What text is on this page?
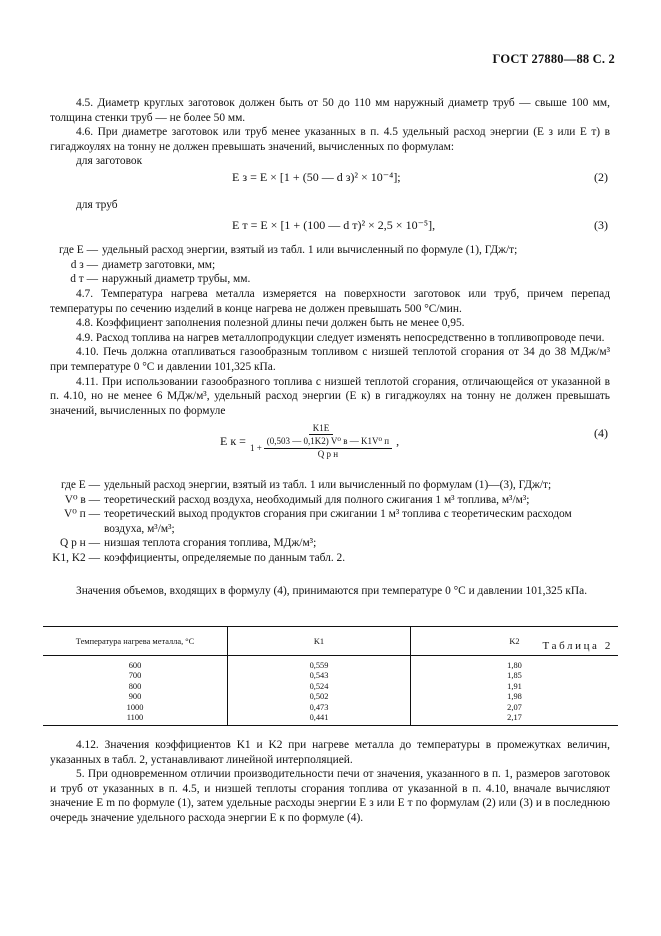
ГОСТ 27880—88 С. 2

4.5. Диаметр круглых заготовок должен быть от 50 до 110 мм наружный диаметр труб — свыше 100 мм, толщина стенки труб — не более 50 мм.

4.6. При диаметре заготовок или труб менее указанных в п. 4.5 удельный расход энергии (E з или E т) в гигаджоулях на тонну не должен превышать значений, вычисленных по формулам:

для заготовок

E з = E × [1 + (50 — d з)² × 10⁻⁴];	(2)

для труб

E т = E × [1 + (100 — d т)² × 2,5 × 10⁻⁵],	(3)
где E — удельный расход энергии, взятый из табл. 1 или вычисленный по формуле (1), ГДж/т;
d з — диаметр заготовки, мм;
d т — наружный диаметр трубы, мм.

4.7. Температура нагрева металла измеряется на поверхности заготовок или труб, причем перепад температуры по сечению изделий в конце нагрева не должен превышать 500 °С/мин.

4.8. Коэффициент заполнения полезной длины печи должен быть не менее 0,95.

4.9. Расход топлива на нагрев металлопродукции следует изменять непосредственно в топливопроводе печи.

4.10. Печь должна отапливаться газообразным топливом с низшей теплотой сгорания от 34 до 38 МДж/м³ при температуре 0 °С и давлении 101,325 кПа.

4.11. При использовании газообразного топлива с низшей теплотой сгорания, отличающейся от указанной в п. 4.10, но не менее 6 МДж/м³, удельный расход энергии (E к) в гигаджоулях на тонну не должен превышать значений, вычисленных по формуле

E к =
K1E
1 +
(0,503 — 0,1K2) V⁰ в — K1V⁰ п
Q р н
,
(4)
где E — удельный расход энергии, взятый из табл. 1 или вычисленный по формулам (1)—(3), ГДж/т;
V⁰ в — теоретический расход воздуха, необходимый для полного сжигания 1 м³ топлива, м³/м³;
V⁰ п — теоретический выход продуктов сгорания при сжигании 1 м³ топлива с теоретическим расходом воздуха, м³/м³;
Q р н — низшая теплота сгорания топлива, МДж/м³;
K1, K2 — коэффициенты, определяемые по данным табл. 2.

Значения объемов, входящих в формулу (4), принимаются при температуре 0 °С и давлении 101,325 кПа.

Таблица 2
Температура нагрева металла, °С	K1	K2
600	0,559	1,80
700	0,543	1,85
800	0,524	1,91
900	0,502	1,98
1000	0,473	2,07
1100	0,441	2,17

4.12. Значения коэффициентов K1 и K2 при нагреве металла до температуры в промежутках величин, указанных в табл. 2, устанавливают линейной интерполяцией.

5. При одновременном отличии производительности печи от значения, указанного в п. 1, размеров заготовок и труб от указанных в п. 4.5, и низшей теплоты сгорания топлива от указанной в п. 4.10, вначале вычисляют значение E m по формуле (1), затем удельные расходы энергии E з или E т по формулам (2) или (3) и в последнюю очередь значение удельного расхода энергии E к по формуле (4).
